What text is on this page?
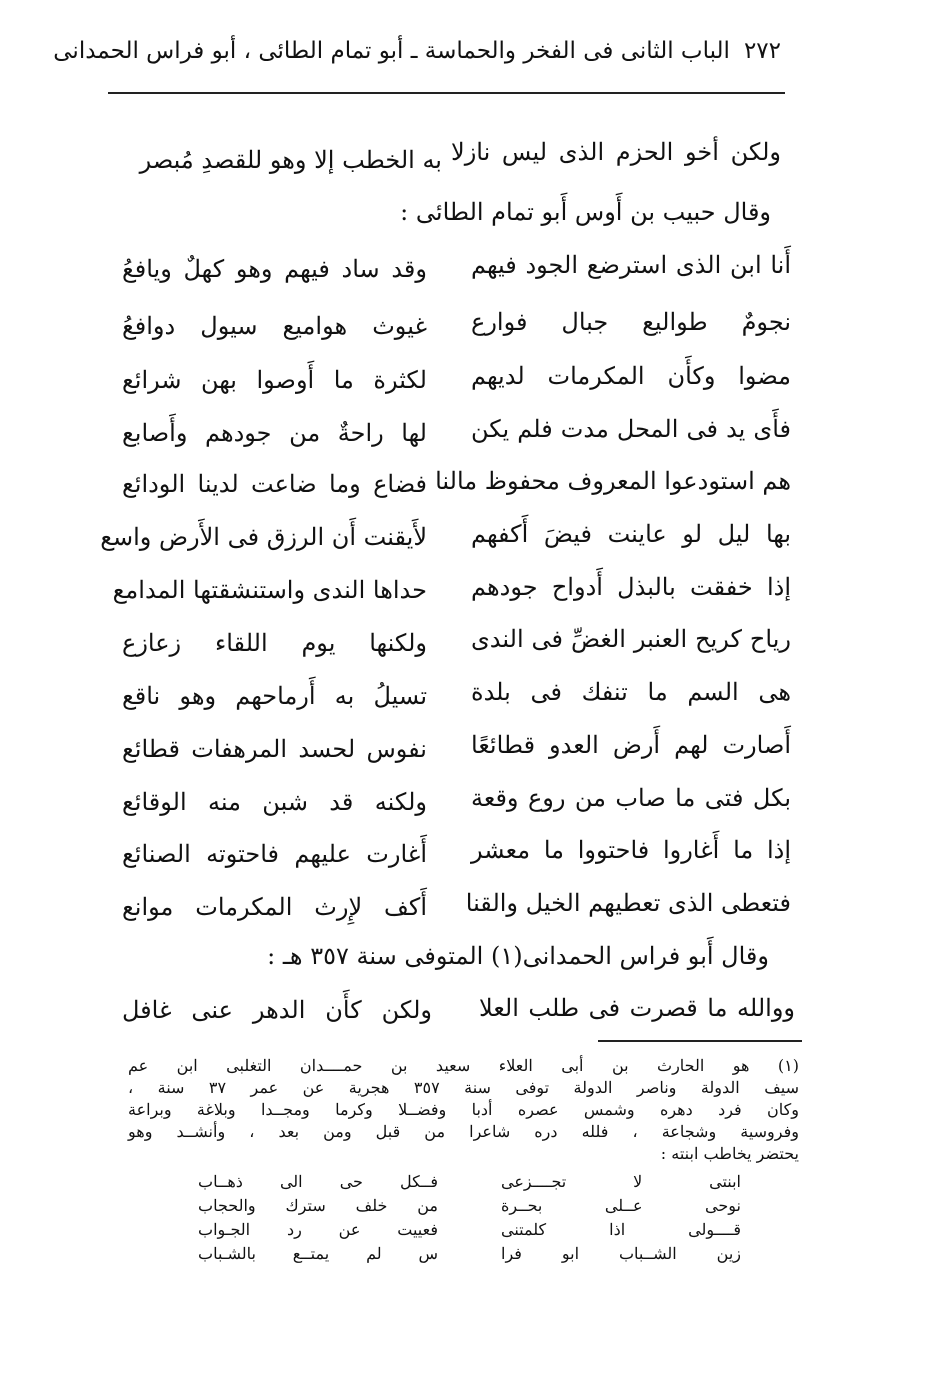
٢٧٢
الباب الثانى فى الفخر والحماسة ـ أبو تمام الطائى ، أبو فراس الحمدانى
ولكن أخو الحزم الذى ليس نازلا
به الخطب إلا وهو للقصدِ مُبصر
وقال حبيب بن أَوس أَبو تمام الطائى :
أَنا ابن الذى استرضع الجود فيهم
وقد ساد فيهم وهو كهلٌ ويافعُ
نجومٌ طواليع جبال فوارع
غيوث هواميع سيول دوافعُ
مضوا وكأَن المكرمات لديهم
لكثرة ما أَوصوا بهن شرائع
فأَى يد فى المحل مدت فلم يكن
لها راحةٌ من جودهم وأَصابع
هم استودعوا المعروف محفوظ مالنا
فضاع وما ضاعت لدينا الودائع
بها ليل لو عاينت فيضَ أَكفهم
لأَيقنت أَن الرزق فى الأَرض واسع
إذا خفقت بالبذل أَدواح جودهم
حداها الندى واستنشقتها المدامع
رياح كريح العنبر الغضِّ فى الندى
ولكنها يوم اللقاء زعازع
هى السم ما تنفك فى بلدة
تسيلُ به أَرماحهم وهو ناقع
أَصارت لهم أَرض العدو قطائعًا
نفوس لحسد المرهفات قطائع
بكل فتى ما صاب من روع وقعة
ولكنه قد شبن منه الوقائع
إذا ما أَغاروا فاحتووا ما معشر
أَغارت عليهم فاحتوته الصنائع
فتعطى الذى تعطيهم الخيل والقنا
أَكف لإِرث المكرمات موانع
وقال أَبو فراس الحمدانى(١) المتوفى سنة ٣٥٧ هـ :
ووالله ما قصرت فى طلب العلا
ولكن كأَن الدهر عنى غافل
(١) هو الحارث بن أبى العلاء سعيد بن حمــــدان التغلبى ابن عم
سيف الدولة وناصر الدولة توفى سنة ٣٥٧ هجرية عن عمر ٣٧ سنة ،
وكان فرد دهره وشمس عصره أدبا وفضــلا وكرما ومجــدا وبلاغة وبراعة
وفروسية وشجاعة ، فلله دره شاعرا من قبل ومن بعد ، وأنشــد وهو
يحتضر يخاطب ابنته :
ابنتى لا تجــــزعى
فــكل حى الى ذهــاب
نوحى عــلى بحــرة
من خلف سترك والحجاب
قــــولى اذا كلمتنى
فعييت عن رد الجـواب
زين الشــباب ابو فرا
س لم يمتــع بالشـباب
